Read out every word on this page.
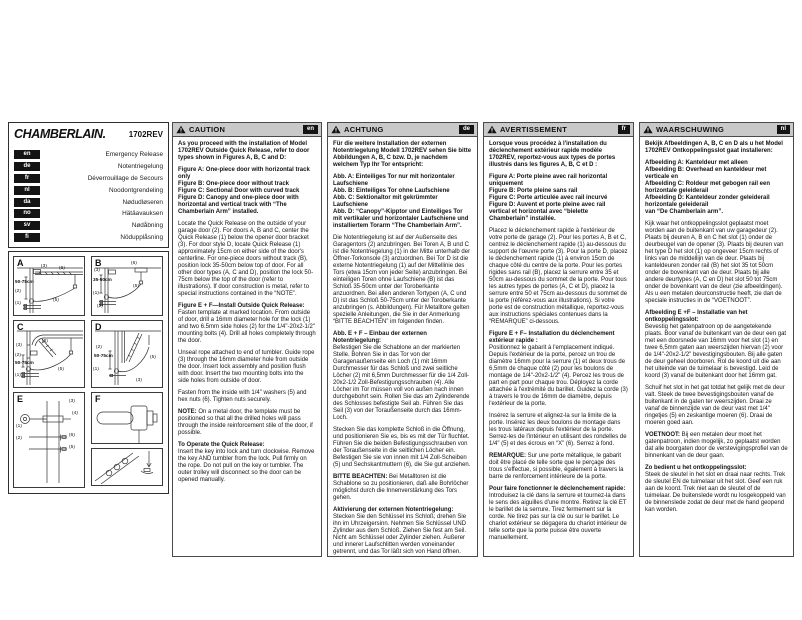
CHAMBERLAIN.	1702REV
en	Emergency Release
de	Notentriegelung
fr	Déverrouillage de Secours
nl	Noodontgrendeling
da	Nødudløseren
no	Hätäavauksen
sv	Nødåbning
fi	Nödupplåsning
A	(3) (6)
50-75cm
(2)
(1)
(5)
B	(6)
(3)
35-50cm
(5)
(1)
(2)
C
(3)
(6)
(2)
50-75cm
(1)
(5)
D
(5)
(2)
50-75cm
(1)
(3)
E
(1)
(2)
(3)
(4)
(6)
(5)
F
CAUTION	en

As you proceed with the installation of Model 1702REV Outside Quick Release, refer to door types shown in Figures A, B, C and D:

Figure A: One-piece door with horizontal track only

Figure B: One-piece door without track

Figure C: Sectional Door with curved track

Figure D: Canopy and one-piece door with horizontal and vertical track with “The Chamberlain Arm” installed.

Locate the Quick Release on the outside of your garage door (2). For doors A, B and C, center the Quick Release (1) below the opener door bracket (3). For door style D, locate Quick Release (1) approximately 15cm on either side of the door's centerline. For one-piece doors without track (B), position lock 35-50cm below top of door. For all other door types (A, C and D), position the lock 50-75cm below the top of the door (refer to illustrations). If door construction is metal, refer to special instructions contained in the “NOTE”.

Figure E + F—Install Outside Quick Release:

Fasten template at marked location. From outside of door, drill a 16mm diameter hole for the lock (1) and two 6.5mm side holes (2) for the 1/4"-20x2-1/2" mounting bolts (4). Drill all holes completely through the door.

Unseal rope attached to end of tumbler. Guide rope (3) through the 16mm diameter hole from outside the door. Insert lock assembly and position flush with door. Insert the two mounting bolts into the side holes from outside of door.

Fasten from the inside with 1/4" washers (5) and hex nuts (6). Tighten nuts securely.

NOTE: On a metal door, the template must be positioned so that all the drilled holes will pass through the inside reinforcement stile of the door, if possible.

To Operate the Quick Release:

Insert the key into lock and turn clockwise. Remove the key AND tumbler from the lock. Pull firmly on the rope. Do not pull on the key or tumbler. The outer trolley will disconnect so the door can be opened manually.

ACHTUNG	de

Für die weitere Installation der externen Notentriegelung Modell 1702REV sehen Sie bitte Abbildungen A, B, C bzw. D, je nachdem welchem Typ Ihr Tor entspricht:

Abb. A: Einteiliges Tor nur mit horizontaler Laufschiene

Abb. B: Einteiliges Tor ohne Laufschiene

Abb. C: Sektionaltor mit gekrümmter Laufschiene

Abb. D: “Canopy”-Kipptor und Einteiliges Tor mit vertikaler und horizontaler Laufschiene und installiertem Torarm “The Chamberlain Arm”.

Die Notentriegelung ist auf der Außenseite des Garagentors (2) anzubringen. Bei Toren A, B und C ist die Notentriegelung (1) in der Mitte unterhalb der Öffner-Torkonsole (3) anzuordnen. Bei Tor D ist die externe Notentriegelung (1) auf der Mittellinie des Tors (etwa 15cm von jeder Seite) anzubringen. Bei einteiligen Toren ohne Laufschiene (B) ist das Schloß 35-50cm unter der Toroberkante anzuordnen. Bei allen anderen Tortypen (A, C und D) ist das Schloß 50-75cm unter der Toroberkante anzubringen (s. Abbildungen). Für Metalltore gelten spezielle Anleitungen, die Sie in der Anmerkung “BITTE BEACHTEN” im folgenden finden.

Abb. E + F – Einbau der externen Notentriegelung:

Befestigen Sie die Schablone an der markierten Stelle. Bohren Sie in das Tor von der Garagenaußenseite ein Loch (1) mit 16mm Durchmesser für das Schloß und zwei seitliche Löcher (2) mit 6,5mm Durchmesser für die 1/4 Zoll-20x2-1/2 Zoll-Befestigungsschrauben (4). Alle Löcher im Tor müssen voll von außen nach innen durchgebohrt sein. Rollen Sie das am Zylinderende des Schlosses befestigte Seil ab. Führen Sie das Seil (3) von der Toraußenseite durch das 16mm-Loch.

Stecken Sie das komplette Schloß in die Öffnung, und positionieren Sie es, bis es mit der Tür fluchtet. Führen Sie die beiden Befestigungsschrauben von der Toraußenseite in die seitlichen Löcher ein. Befestigen Sie sie von innen mit 1/4 Zoll-Scheiben (5) und Sechskantmuttern (6), die Sie gut anziehen.

BITTE BEACHTEN: Bei Metalltoren ist die Schablone so zu positionieren, daß alle Bohrlöcher möglichst durch die Innenverstärkung des Tors gehen.

Aktivierung der externen Notentriegelung:

Stecken Sie den Schlüssel ins Schloß; drehen Sie ihn im Uhrzeigersinn. Nehmen Sie Schlüssel UND Zylinder aus dem Schloß. Ziehen Sie fest am Seil. Nicht am Schlüssel oder Zylinder ziehen. Äußerer und innerer Laufschlitten werden voneinander getrennt, und das Tor läßt sich von Hand öffnen.

AVERTISSEMENT	fr

Lorsque vous procédez à l'installation du déclenchement extérieur rapide modèle 1702REV, reportez-vous aux types de portes illustrés dans les figures A, B, C et D :

Figure A: Porte pleine avec rail horizontal uniquement

Figure B: Porte pleine sans rail

Figure C: Porte articulée avec rail incurvé

Figure D: Auvent et porte pleine avec rail vertical et horizontal avec “bielette Chamberlain” installée.

Placez le déclenchement rapide à l'extérieur de votre porte de garage (2). Pour les portes A, B et C, centrez le déclenchement rapide (1) au-dessous du support de l'œuvre porte (3). Pour la porte D, placez le déclenchement rapide (1) à environ 15cm de chaque côté du centre de la porte. Pour les portes rigides sans rail (B), placez la serrure entre 35 et 50cm au-dessous du sommet de la porte. Pour tous les autres types de portes (A, C et D), placez la serrure entre 50 et 75cm au-dessous du sommet de la porte (référez-vous aux illustrations). Si votre porte est de construction métallique, reportez-vous aux instructions spéciales contenues dans la “REMARQUE” ci-dessous.

Figure E + F– Installation du déclenchement extérieur rapide :

Positionnez le gabarit à l'emplacement indiqué. Depuis l'extérieur de la porte, percez un trou de diamètre 16mm pour la serrure (1) et deux trous de 6,5mm de chaque côté (2) pour les boulons de montage de 1/4"-20x2-1/2" (4). Percez les trous de part en part pour chaque trou. Déployez la corde attachée à l'extrémité du barillet. Guidez la corde (3) à travers le trou de 16mm de diamètre, depuis l'extérieur de la porte.

Insérez la serrure et alignez-la sur la limite de la porte. Insérez les deux boulons de montage dans les trous latéraux depuis l'extérieur de la porte. Serrez-les de l'intérieur en utilisant des rondelles de 1/4" (5) et des écrous en “X” (6). Serrez à fond.

REMARQUE: Sur une porte métallique, le gabarit doit être placé de telle sorte que le perçage des trous s'effectue, si possible, également à travers la barre de renforcement intérieure de la porte.

Pour faire fonctionner le déclenchement rapide:

Introduisez la clé dans la serrure et tournez-la dans le sens des aiguilles d'une montre. Retirez la clé ET le barillet de la serrure. Tirez fermement sur la corde. Ne tirez pas sur la clé ou sur le barillet. Le chariot extérieur se dégagera du chariot intérieur de telle sorte que la porte puisse être ouverte manuellement.

WAARSCHUWING	nl

Bekijk Afbeeldingen A, B, C en D als u het Model 1702REV Ontkoppelingsslot gaat installeren:

Afbeelding A: Kanteldeur met alleen

Afbeelding B: Overhead en kanteldeur met verticale en

Afbeelding C: Roldeur met gebogen rail een horizontale geleiderail

Afbeelding D: Kanteldeur zonder geleiderail horizontale geleiderail

van “De Chamberlain arm”.

Kijk waar het ontkoppelingsslot geplaatst moet worden aan de buitenkant van uw garagedeur (2). Plaats bij deuren A, B en C het slot (1) onder de deurbeugel van de opener (3). Plaats bij deuren van het type D het slot (1) op ongeveer 15cm rechts of links van de middellijn van de deur. Plaats bij kanteldeuren zonder rail (B) het slot 35 tot 50cm onder de bovenkant van de deur. Plaats bij alle andere deurtypes (A, C en D) het slot 50 tot 75cm onder de bovenkant van de deur (zie afbeeldingen). Als u een metalen deurconstructie heeft, zie dan de speciale instructies in de “VOETNOOT”.

Afbeelding E +F – Installatie van het ontkoppelingsslot:

Bevestig het gatenpatroon op de aangetekende plaats. Boor vanaf de buitenkant van de deur een gat met een doorsnede van 16mm voor het slot (1) en twee 6,5mm gaten aan weerszijden hiervan (2) voor de 1/4"-20x2-1/2" bevestigingsbouten. Bij alle gaten de deur geheel doorboren. Rol de koord uit die aan het uiteinde van de tuimelaar is bevestigd. Leid de koord (3) vanaf de buitenkant door het 16mm gat.

Schuif het slot in het gat totdat het gelijk met de deur valt. Steek de twee bevestigingsbouten vanaf de buitenkant in de gaten ter weerszijden. Draai ze vanaf de binnenzijde van de deur vast met 1/4" ringetjes (5) en zeskantige moeren (6). Draai de moeren goed aan.

VOETNOOT: Bij een metalen deur moet het gatenpatroon, indien mogelijk, zo geplaatst worden dat alle boorgaten door de verstevigingsprofiel van de binnenkant van de deur gaan.

Zo bedient u het ontkoppelingsslot:

Steek de sleutel in het slot en draai naar rechts. Trek de sleutel EN de tuimelaar uit het slot. Geef een ruk aan de koord. Trek niet aan de sleutel of de tuimelaar. De buitenslede wordt nu losgekoppeld van de binnenslede zodat de deur met de hand geopend kan worden.
